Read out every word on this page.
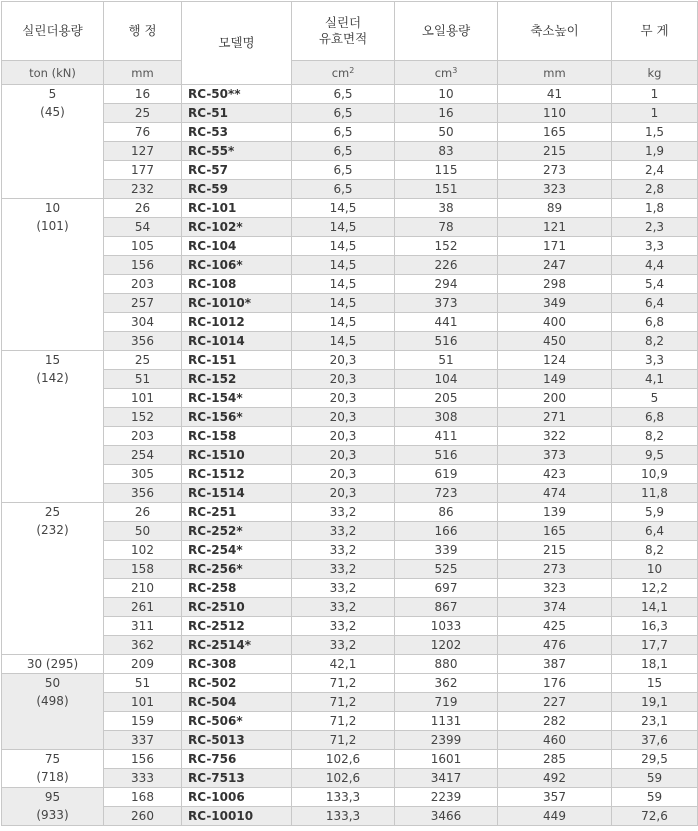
실린더용량	행 정	모델명	실린더
유효면적	오일용량	축소높이	무 게
ton (kN)	mm		$cm^2$	$cm^3$	mm	kg

5
(45)	16	RC-50**	6,5	10	41	1
	25	RC-51	6,5	16	110	1
	76	RC-53	6,5	50	165	1,5
	127	RC-55*	6,5	83	215	1,9
	177	RC-57	6,5	115	273	2,4
	232	RC-59	6,5	151	323	2,8

10
(101)	26	RC-101	14,5	38	89	1,8
	54	RC-102*	14,5	78	121	2,3
	105	RC-104	14,5	152	171	3,3
	156	RC-106*	14,5	226	247	4,4
	203	RC-108	14,5	294	298	5,4
	257	RC-1010*	14,5	373	349	6,4
	304	RC-1012	14,5	441	400	6,8
	356	RC-1014	14,5	516	450	8,2

15
(142)	25	RC-151	20,3	51	124	3,3
	51	RC-152	20,3	104	149	4,1
	101	RC-154*	20,3	205	200	5
	152	RC-156*	20,3	308	271	6,8
	203	RC-158	20,3	411	322	8,2
	254	RC-1510	20,3	516	373	9,5
	305	RC-1512	20,3	619	423	10,9
	356	RC-1514	20,3	723	474	11,8

25
(232)	26	RC-251	33,2	86	139	5,9
	50	RC-252*	33,2	166	165	6,4
	102	RC-254*	33,2	339	215	8,2
	158	RC-256*	33,2	525	273	10
	210	RC-258	33,2	697	323	12,2
	261	RC-2510	33,2	867	374	14,1
	311	RC-2512	33,2	1033	425	16,3
	362	RC-2514*	33,2	1202	476	17,7

30 (295)	209	RC-308	42,1	880	387	18,1

50
(498)	51	RC-502	71,2	362	176	15
	101	RC-504	71,2	719	227	19,1
	159	RC-506*	71,2	1131	282	23,1
	337	RC-5013	71,2	2399	460	37,6

75
(718)	156	RC-756	102,6	1601	285	29,5
	333	RC-7513	102,6	3417	492	59

95
(933)	168	RC-1006	133,3	2239	357	59
	260	RC-10010	133,3	3466	449	72,6
